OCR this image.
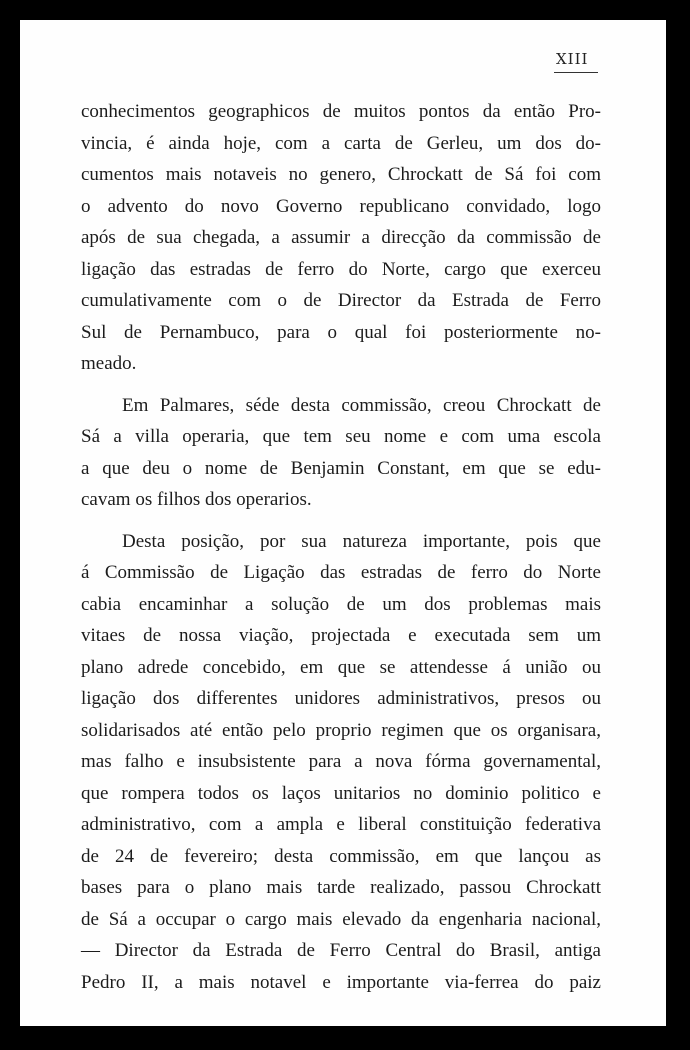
XIII
conhecimentos geographicos de muitos pontos da então Pro-
vincia, é ainda hoje, com a carta de Gerleu, um dos do-
cumentos mais notaveis no genero, Chrockatt de Sá foi com
o advento do novo Governo republicano convidado, logo
após de sua chegada, a assumir a direcção da commissão de
ligação das estradas de ferro do Norte, cargo que exerceu
cumulativamente com o de Director da Estrada de Ferro
Sul de Pernambuco, para o qual foi posteriormente no-
meado.
Em Palmares, séde desta commissão, creou Chrockatt de
Sá a villa operaria, que tem seu nome e com uma escola
a que deu o nome de Benjamin Constant, em que se edu-
cavam os filhos dos operarios.
Desta posição, por sua natureza importante, pois que
á Commissão de Ligação das estradas de ferro do Norte
cabia encaminhar a solução de um dos problemas mais
vitaes de nossa viação, projectada e executada sem um
plano adrede concebido, em que se attendesse á união ou
ligação dos differentes unidores administrativos, presos ou
solidarisados até então pelo proprio regimen que os organisara,
mas falho e insubsistente para a nova fórma governamental,
que rompera todos os laços unitarios no dominio politico e
administrativo, com a ampla e liberal constituição federativa
de 24 de fevereiro; desta commissão, em que lançou as
bases para o plano mais tarde realizado, passou Chrockatt
de Sá a occupar o cargo mais elevado da engenharia nacional,
— Director da Estrada de Ferro Central do Brasil, antiga
Pedro II, a mais notavel e importante via-ferrea do paiz
